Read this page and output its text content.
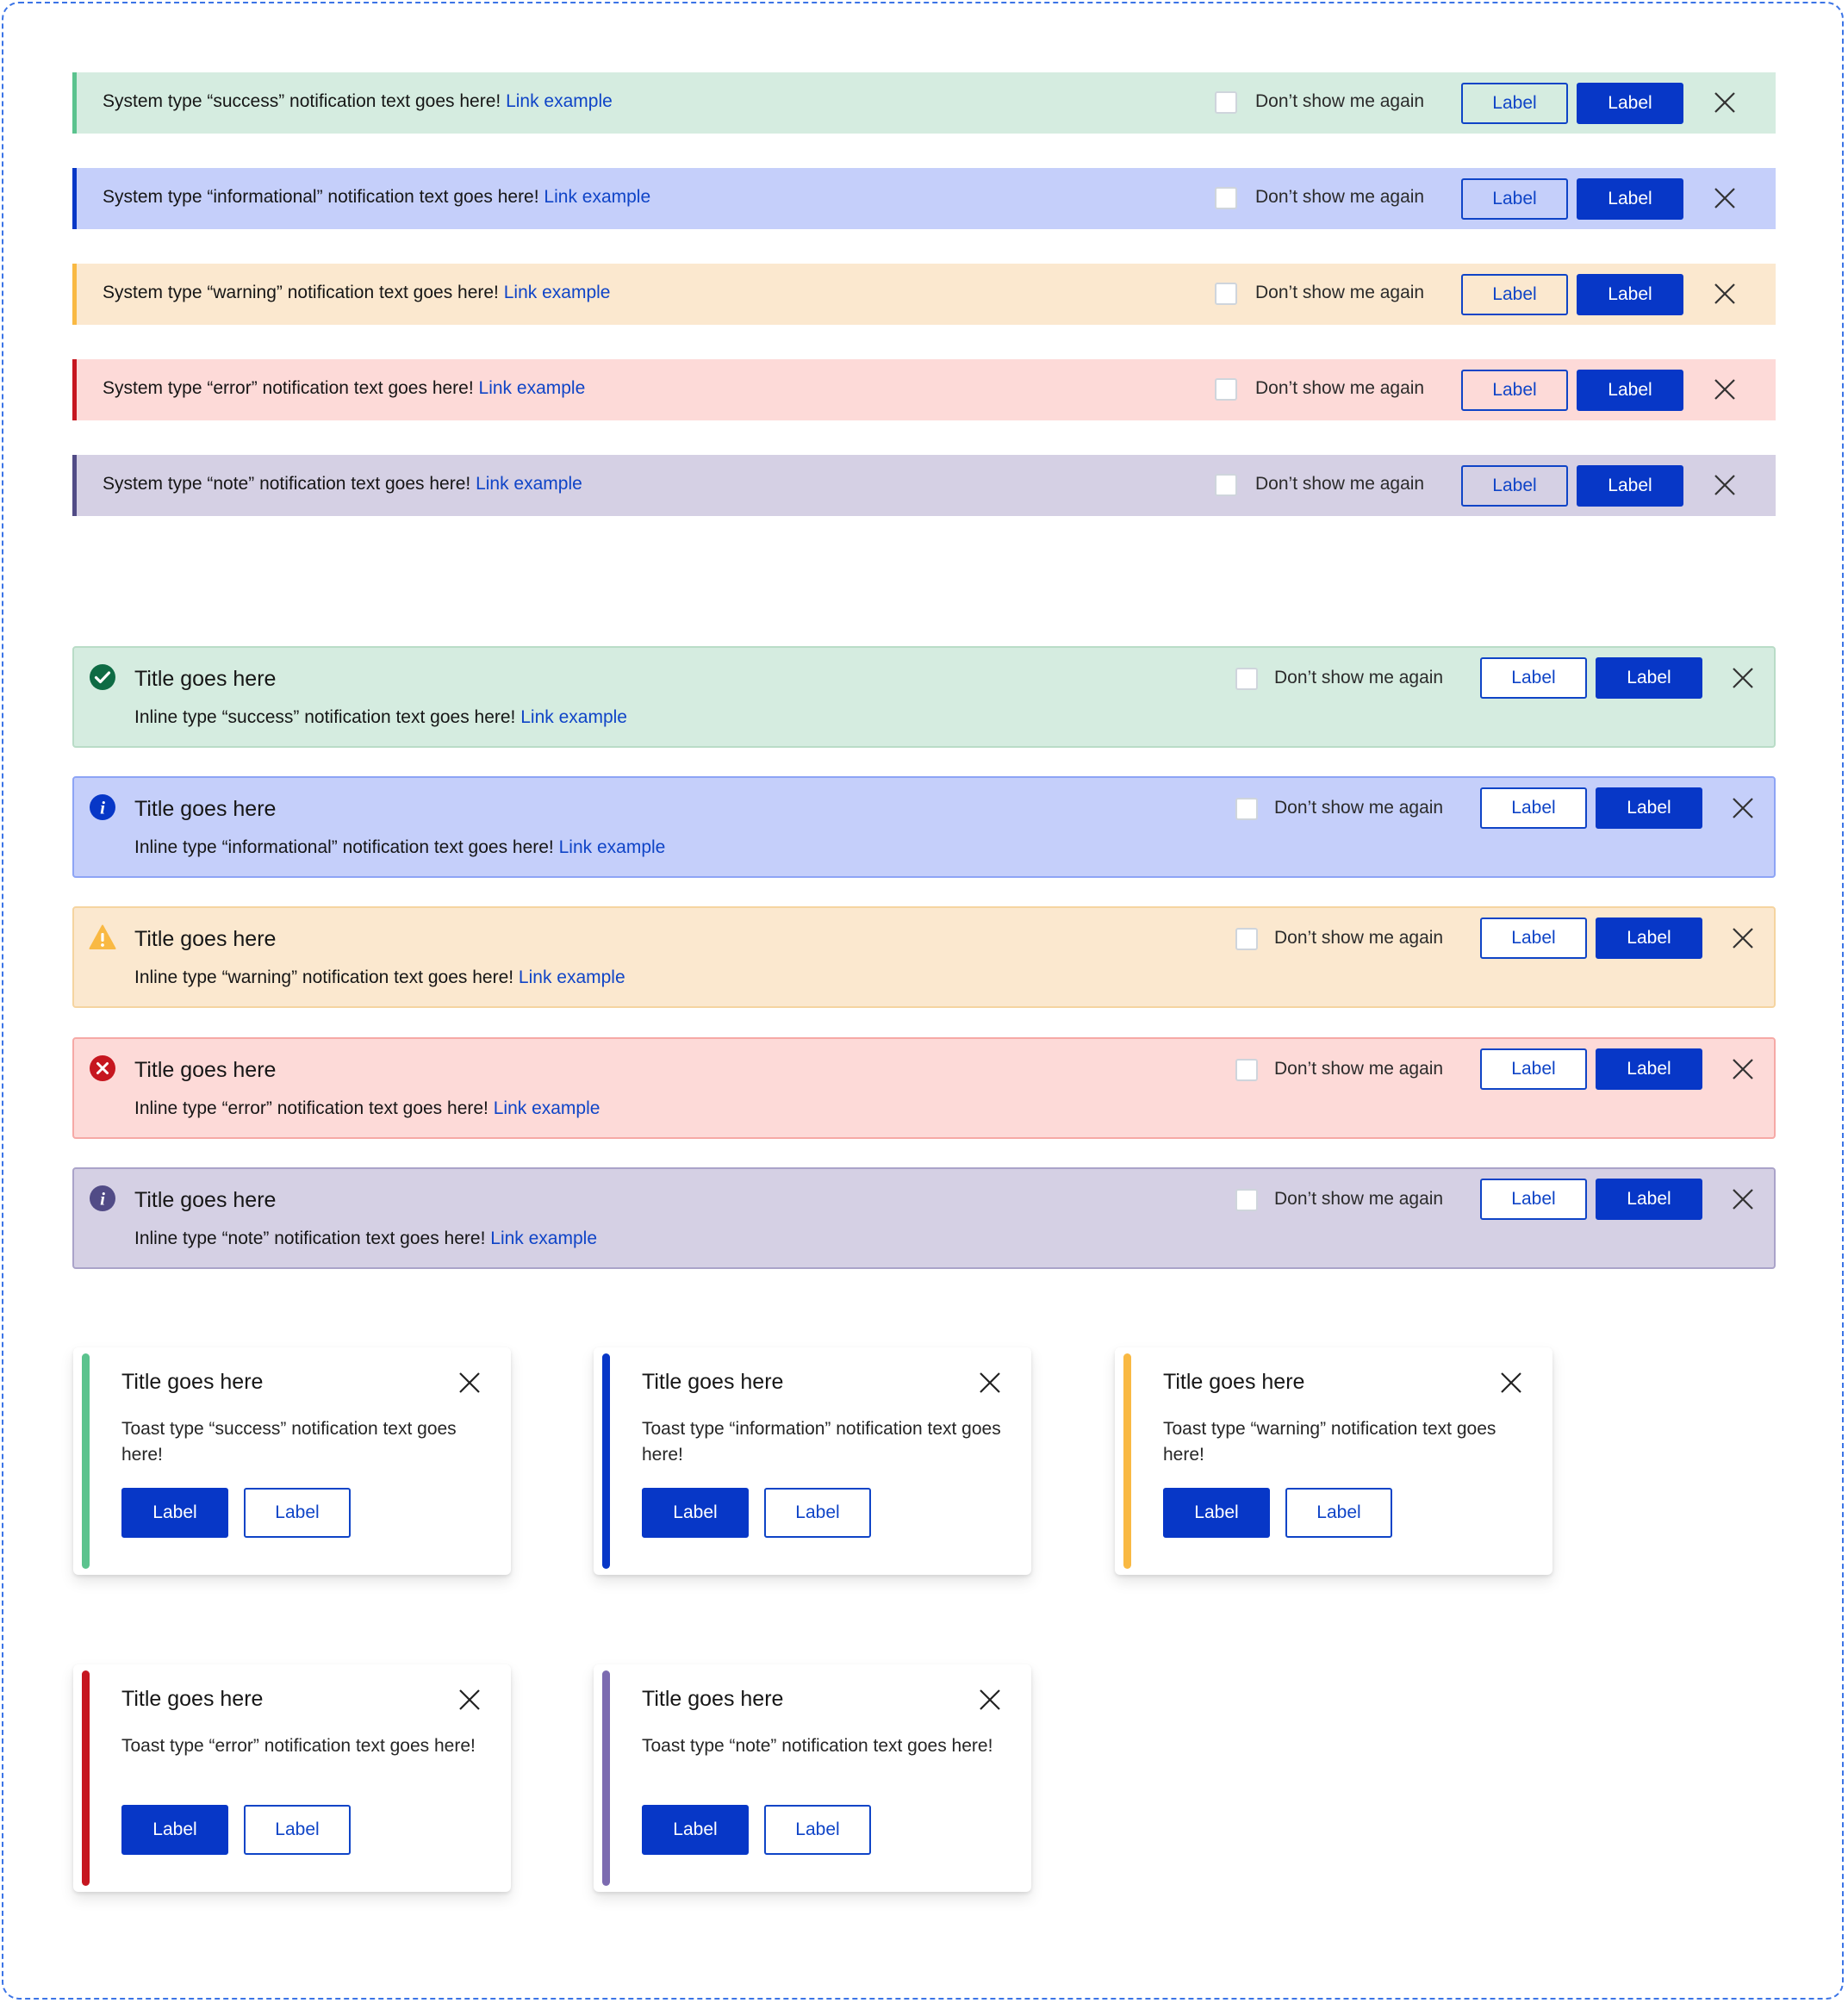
System type “success” notification text goes here! Link example	Don’t show me again	Label	Label
System type “informational” notification text goes here! Link example	Don’t show me again	Label	Label
System type “warning” notification text goes here! Link example	Don’t show me again	Label	Label
System type “error” notification text goes here! Link example	Don’t show me again	Label	Label
System type “note” notification text goes here! Link example	Don’t show me again	Label	Label
Title goes here
Inline type “success” notification text goes here! Link example
Don’t show me again	Label	Label
i Title goes here
Inline type “informational” notification text goes here! Link example
Don’t show me again	Label	Label
Title goes here
Inline type “warning” notification text goes here! Link example
Don’t show me again	Label	Label
Title goes here
Inline type “error” notification text goes here! Link example
Don’t show me again	Label	Label
i Title goes here
Inline type “note” notification text goes here! Link example
Don’t show me again	Label	Label
Title goes here
Toast type “success” notification text goes here!
Label	Label
Title goes here
Toast type “information” notification text goes here!
Label	Label
Title goes here
Toast type “warning” notification text goes here!
Label	Label
Title goes here
Toast type “error” notification text goes here!
Label	Label
Title goes here
Toast type “note” notification text goes here!
Label	Label
